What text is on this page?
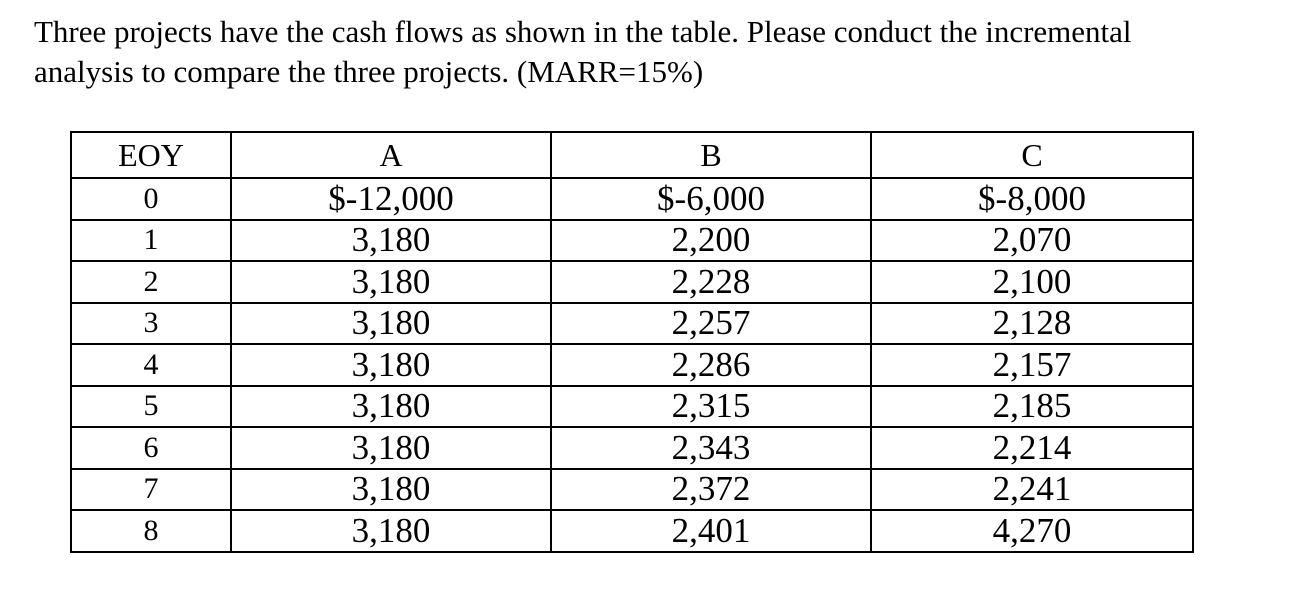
Three projects have the cash flows as shown in the table. Please conduct the incremental
analysis to compare the three projects. (MARR=15%)

EOY	A	B	C
0	$-12,000	$-6,000	$-8,000
1	3,180	2,200	2,070
2	3,180	2,228	2,100
3	3,180	2,257	2,128
4	3,180	2,286	2,157
5	3,180	2,315	2,185
6	3,180	2,343	2,214
7	3,180	2,372	2,241
8	3,180	2,401	4,270
